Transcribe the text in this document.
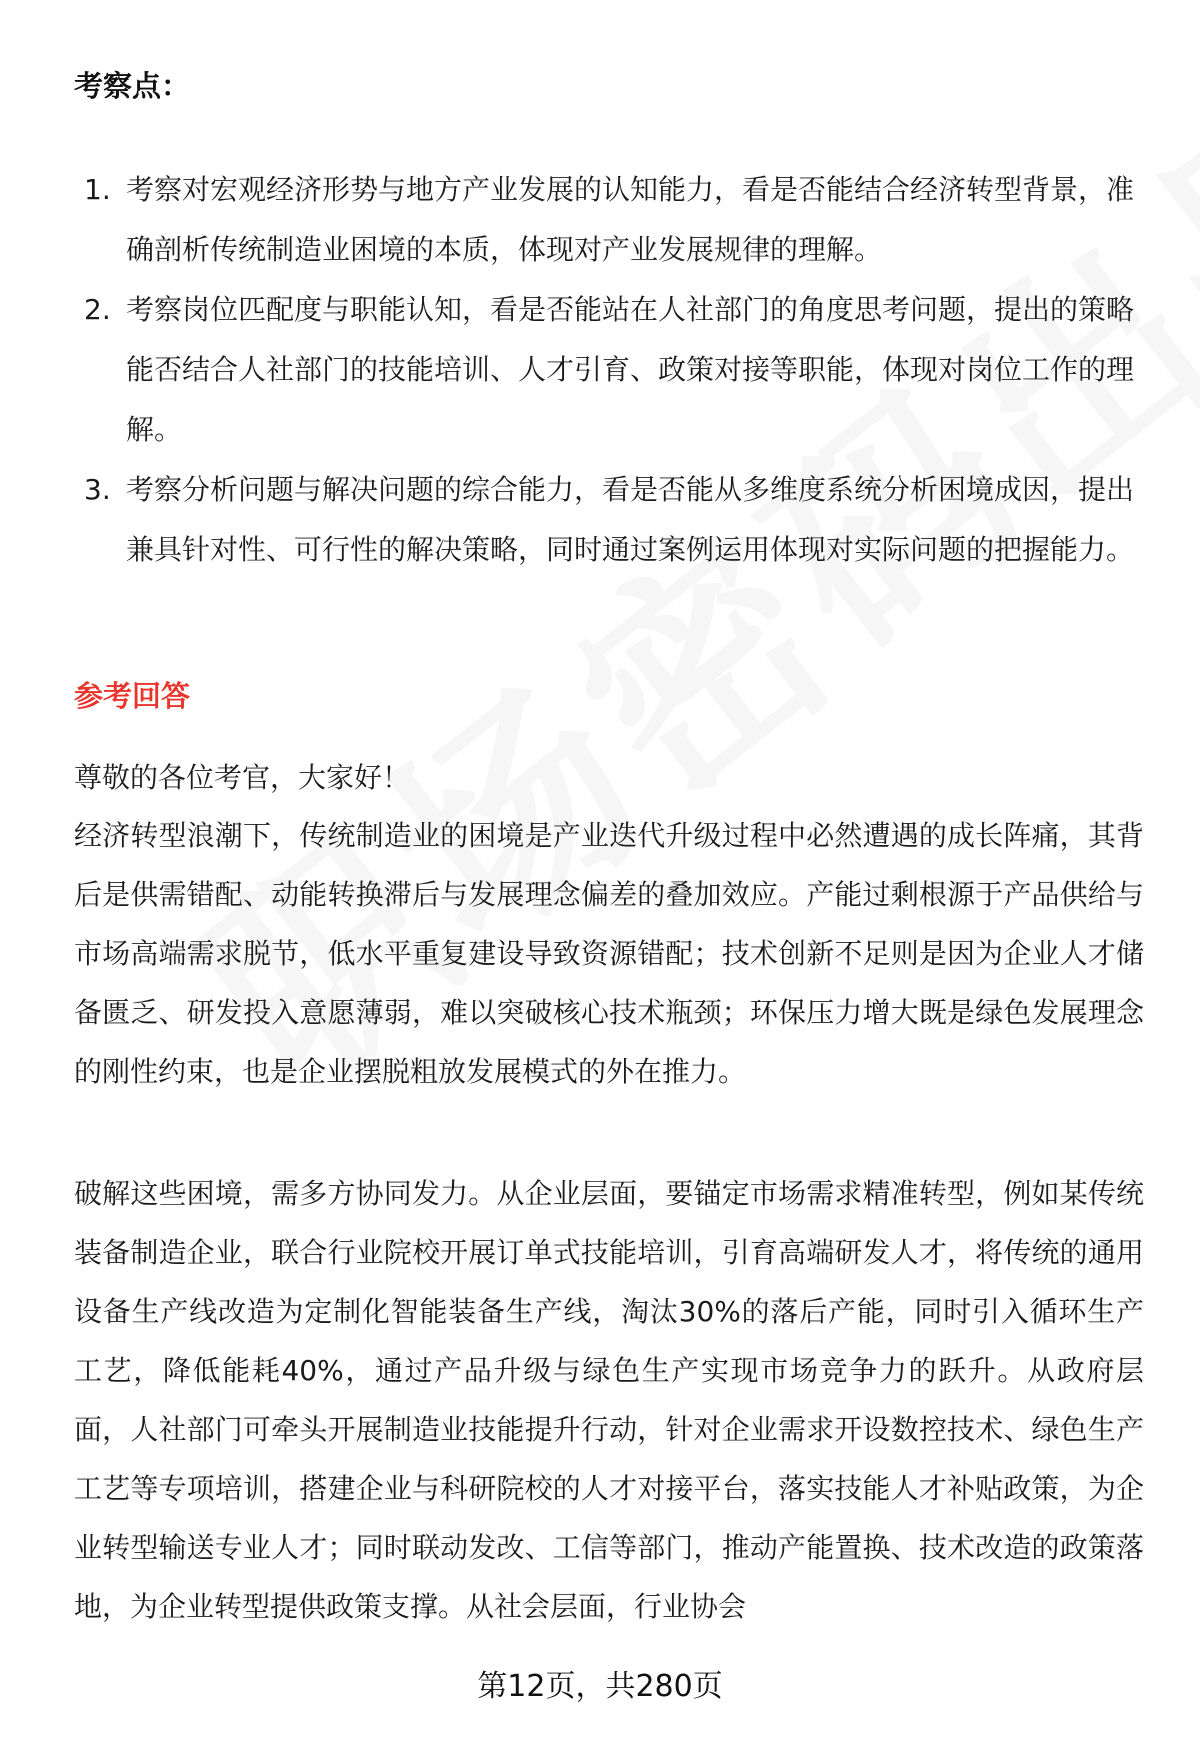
考察点：
1. 考察对宏观经济形势与地方产业发展的认知能力，看是否能结合经济转型背景，准确剖析传统制造业困境的本质，体现对产业发展规律的理解。
2. 考察岗位匹配度与职能认知，看是否能站在人社部门的角度思考问题，提出的策略能否结合人社部门的技能培训、人才引育、政策对接等职能，体现对岗位工作的理解。
3. 考察分析问题与解决问题的综合能力，看是否能从多维度系统分析困境成因，提出兼具针对性、可行性的解决策略，同时通过案例运用体现对实际问题的把握能力。
参考回答

尊敬的各位考官，大家好！

经济转型浪潮下，传统制造业的困境是产业迭代升级过程中必然遭遇的成长阵痛，其背后是供需错配、动能转换滞后与发展理念偏差的叠加效应。产能过剩根源于产品供给与市场高端需求脱节，低水平重复建设导致资源错配；技术创新不足则是因为企业人才储备匮乏、研发投入意愿薄弱，难以突破核心技术瓶颈；环保压力增大既是绿色发展理念的刚性约束，也是企业摆脱粗放发展模式的外在推力。

破解这些困境，需多方协同发力。从企业层面，要锚定市场需求精准转型，例如某传统装备制造企业，联合行业院校开展订单式技能培训，引育高端研发人才，将传统的通用设备生产线改造为定制化智能装备生产线，淘汰30%的落后产能，同时引入循环生产工艺，降低能耗40%，通过产品升级与绿色生产实现市场竞争力的跃升。从政府层面，人社部门可牵头开展制造业技能提升行动，针对企业需求开设数控技术、绿色生产工艺等专项培训，搭建企业与科研院校的人才对接平台，落实技能人才补贴政策，为企业转型输送专业人才；同时联动发改、工信等部门，推动产能置换、技术改造的政策落地，为企业转型提供政策支撑。从社会层面，行业协会

第12页，共280页
